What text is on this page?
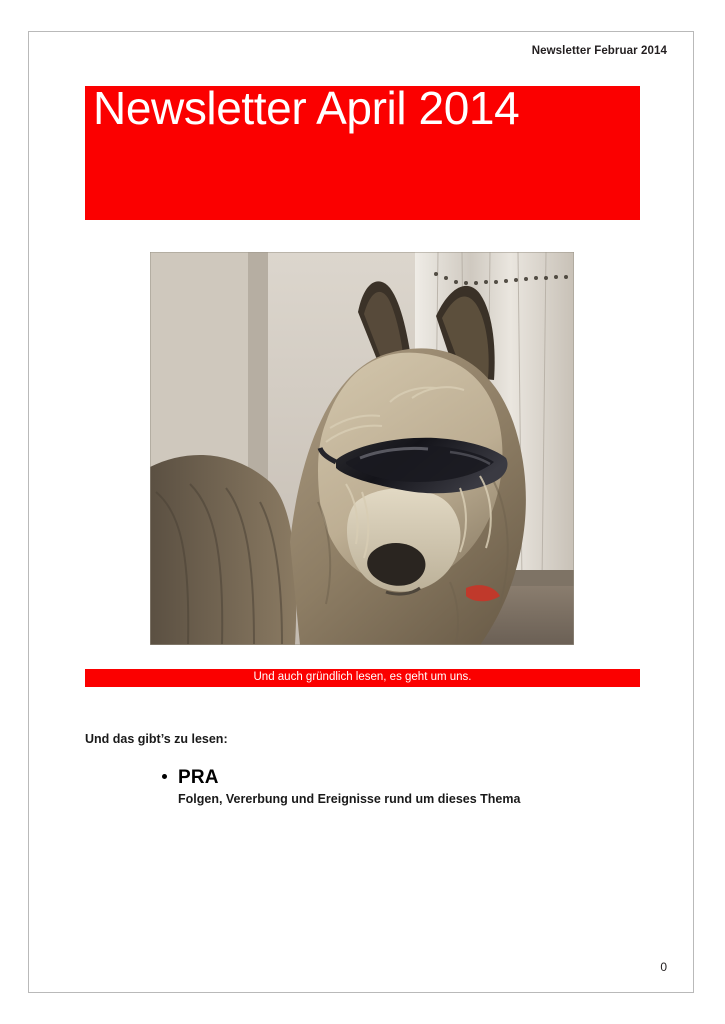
Newsletter Februar 2014
Newsletter April 2014
Und auch gründlich lesen, es geht um uns.
Und das gibt’s zu lesen:
PRA
Folgen, Vererbung und Ereignisse rund um dieses Thema
0
